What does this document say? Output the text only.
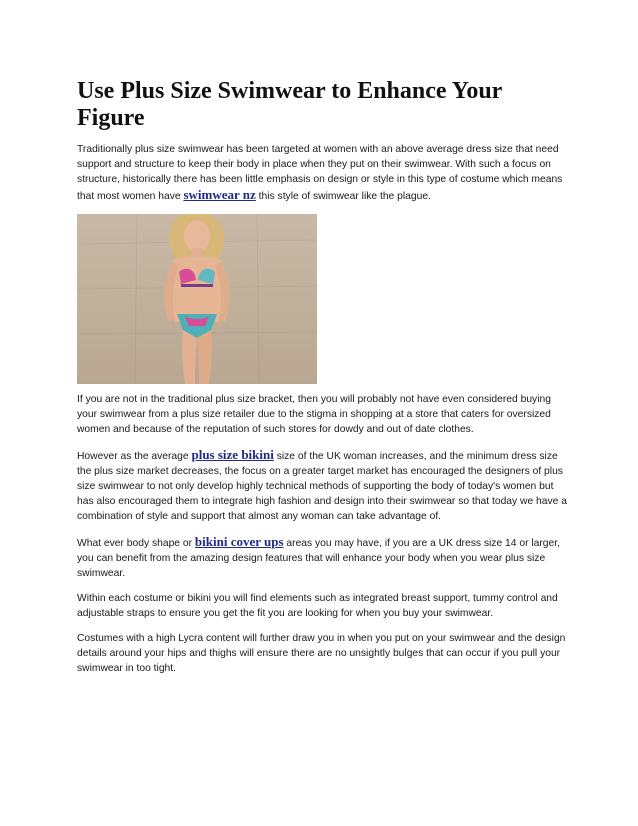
Use Plus Size Swimwear to Enhance Your Figure

Traditionally plus size swimwear has been targeted at women with an above average dress size that need support and structure to keep their body in place when they put on their swimwear. With such a focus on structure, historically there has been little emphasis on design or style in this type of costume which means that most women have swimwear nz this style of swimwear like the plague.

If you are not in the traditional plus size bracket, then you will probably not have even considered buying your swimwear from a plus size retailer due to the stigma in shopping at a store that caters for oversized women and because of the reputation of such stores for dowdy and out of date clothes.

However as the average plus size bikini size of the UK woman increases, and the minimum dress size the plus size market decreases, the focus on a greater target market has encouraged the designers of plus size swimwear to not only develop highly technical methods of supporting the body of today's women but has also encouraged them to integrate high fashion and design into their swimwear so that today we have a combination of style and support that almost any woman can take advantage of.

What ever body shape or bikini cover ups areas you may have, if you are a UK dress size 14 or larger, you can benefit from the amazing design features that will enhance your body when you wear plus size swimwear.

Within each costume or bikini you will find elements such as integrated breast support, tummy control and adjustable straps to ensure you get the fit you are looking for when you buy your swimwear.

Costumes with a high Lycra content will further draw you in when you put on your swimwear and the design details around your hips and thighs will ensure there are no unsightly bulges that can occur if you pull your swimwear in too tight.
